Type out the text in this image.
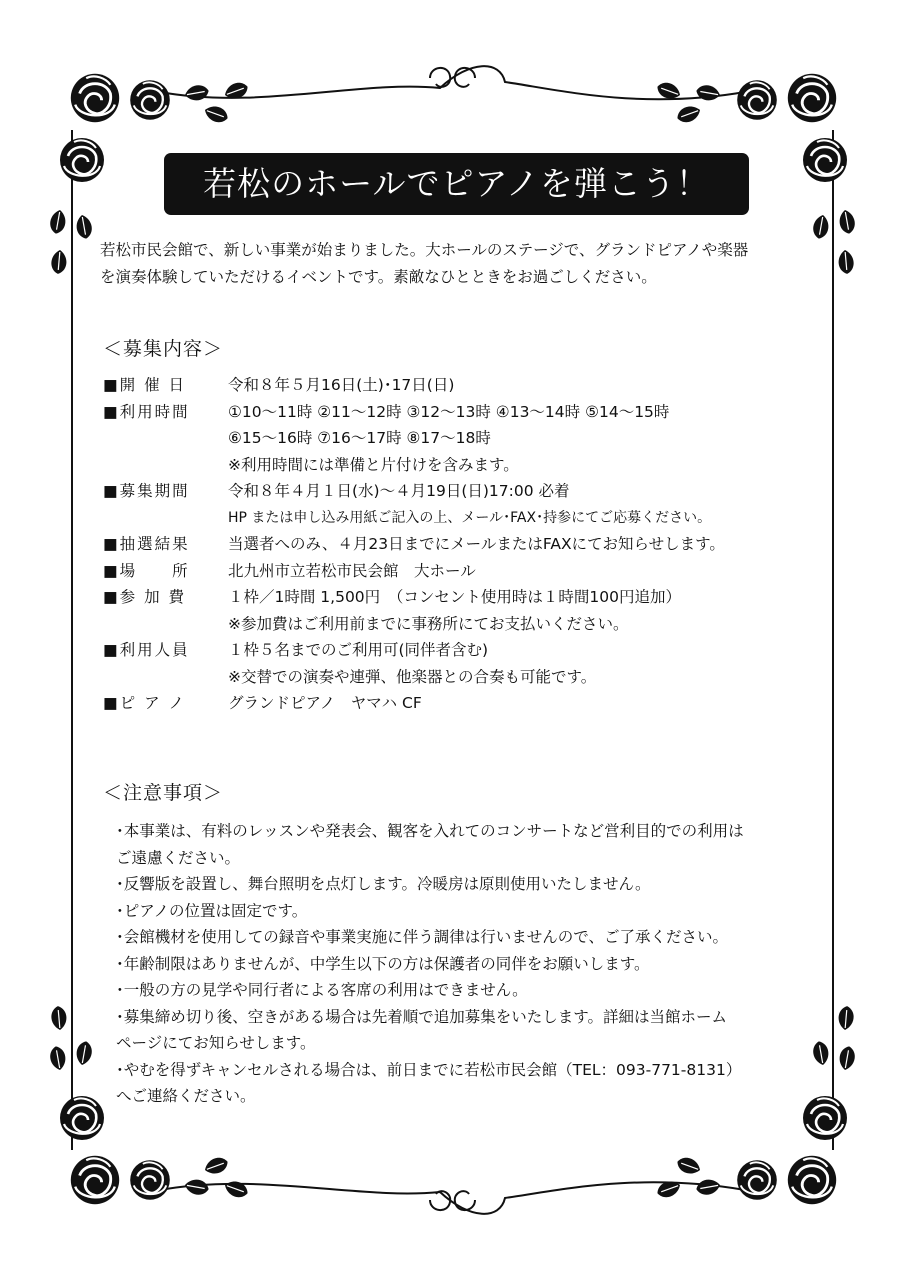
若松のホールでピアノを弾こう！
若松市民会館で、新しい事業が始まりました。大ホールのステージで、グランドピアノや楽器
を演奏体験していただけるイベントです。素敵なひとときをお過ごしください。
＜募集内容＞
■開 催 日	令和８年５月16日(土)･17日(日)
■利用時間	①10～11時 ②11～12時 ③12～13時 ④13～14時 ⑤14～15時
⑥15～16時 ⑦16～17時 ⑧17～18時
※利用時間には準備と片付けを含みます。
■募集期間	令和８年４月１日(水)～４月19日(日)17:00 必着
HP または申し込み用紙ご記入の上、メール･FAX･持参にてご応募ください。
■抽選結果	当選者へのみ、４月23日までにメールまたはFAXにてお知らせします。
■場　　所	北九州市立若松市民会館　大ホール
■参 加 費	１枠／1時間 1,500円　（コンセント使用時は１時間100円追加）
※参加費はご利用前までに事務所にてお支払いください。
■利用人員	１枠５名までのご利用可(同伴者含む)
※交替での演奏や連弾、他楽器との合奏も可能です。
■ピ ア ノ	グランドピアノ　ヤマハ CF
＜注意事項＞
･本事業は、有料のレッスンや発表会、観客を入れてのコンサートなど営利目的での利用は
ご遠慮ください。
･反響版を設置し、舞台照明を点灯します。冷暖房は原則使用いたしません。
･ピアノの位置は固定です。
･会館機材を使用しての録音や事業実施に伴う調律は行いませんので、ご了承ください。
･年齢制限はありませんが、中学生以下の方は保護者の同伴をお願いします。
･一般の方の見学や同行者による客席の利用はできません。
･募集締め切り後、空きがある場合は先着順で追加募集をいたします。詳細は当館ホーム
ページにてお知らせします。
･やむを得ずキャンセルされる場合は、前日までに若松市民会館（TEL：093-771-8131）
へご連絡ください。
